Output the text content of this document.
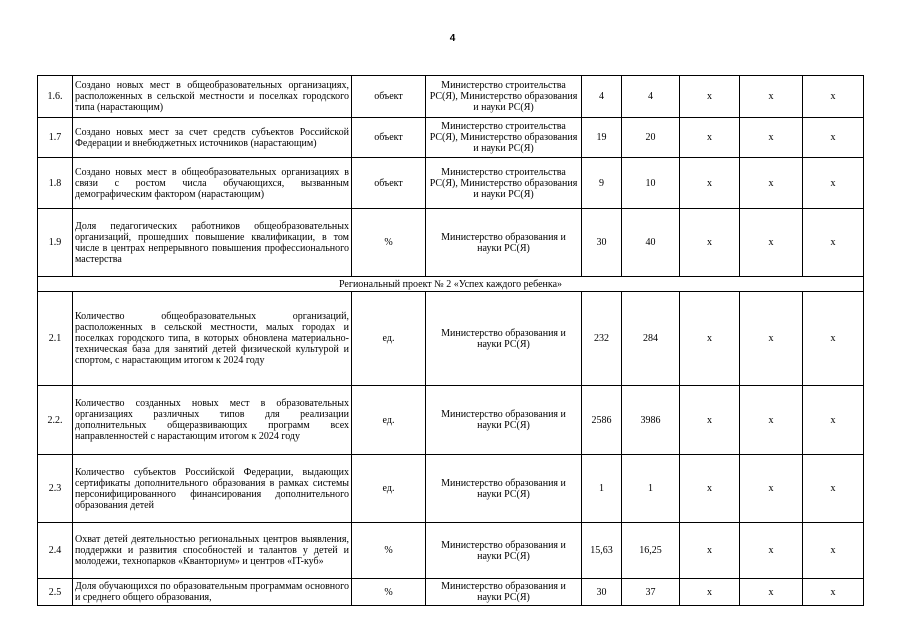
4
1.6.	Создано новых мест в общеобразовательных организациях, расположенных в сельской местности и поселках городского типа (нарастающим)	объект	Министерство строительства РС(Я), Министерство образования и науки РС(Я)	4	4	x	x	x
1.7	Создано новых мест за счет средств субъектов Российской Федерации и внебюджетных источников (нарастающим)	объект	Министерство строительства РС(Я), Министерство образования и науки РС(Я)	19	20	x	x	x
1.8	Создано новых мест в общеобразовательных организациях в связи с ростом числа обучающихся, вызванным демографическим фактором (нарастающим)	объект	Министерство строительства РС(Я), Министерство образования и науки РС(Я)	9	10	x	x	x
1.9	Доля педагогических работников общеобразовательных организаций, прошедших повышение квалификации, в том числе в центрах непрерывного повышения профессионального мастерства	%	Министерство образования и науки РС(Я)	30	40	x	x	x
Региональный проект № 2 «Успех каждого ребенка»								
2.1	Количество общеобразовательных организаций, расположенных в сельской местности, малых городах и поселках городского типа, в которых обновлена материально-техническая база для занятий детей физической культурой и спортом, с нарастающим итогом к 2024 году	ед.	Министерство образования и науки РС(Я)	232	284	x	x	x
2.2.	Количество созданных новых мест в образовательных организациях различных типов для реализации дополнительных общеразвивающих программ всех направленностей с нарастающим итогом к 2024 году	ед.	Министерство образования и науки РС(Я)	2586	3986	x	x	x
2.3	Количество субъектов Российской Федерации, выдающих сертификаты дополнительного образования в рамках системы персонифицированного финансирования дополнительного образования детей	ед.	Министерство образования и науки РС(Я)	1	1	x	x	x
2.4	Охват детей деятельностью региональных центров выявления, поддержки и развития способностей и талантов у детей и молодежи, технопарков «Кванториум» и центров «IT-куб»	%	Министерство образования и науки РС(Я)	15,63	16,25	x	x	x
2.5	Доля обучающихся по образовательным программам основного и среднего общего образования,	%	Министерство образования и науки РС(Я)	30	37	x	x	x
